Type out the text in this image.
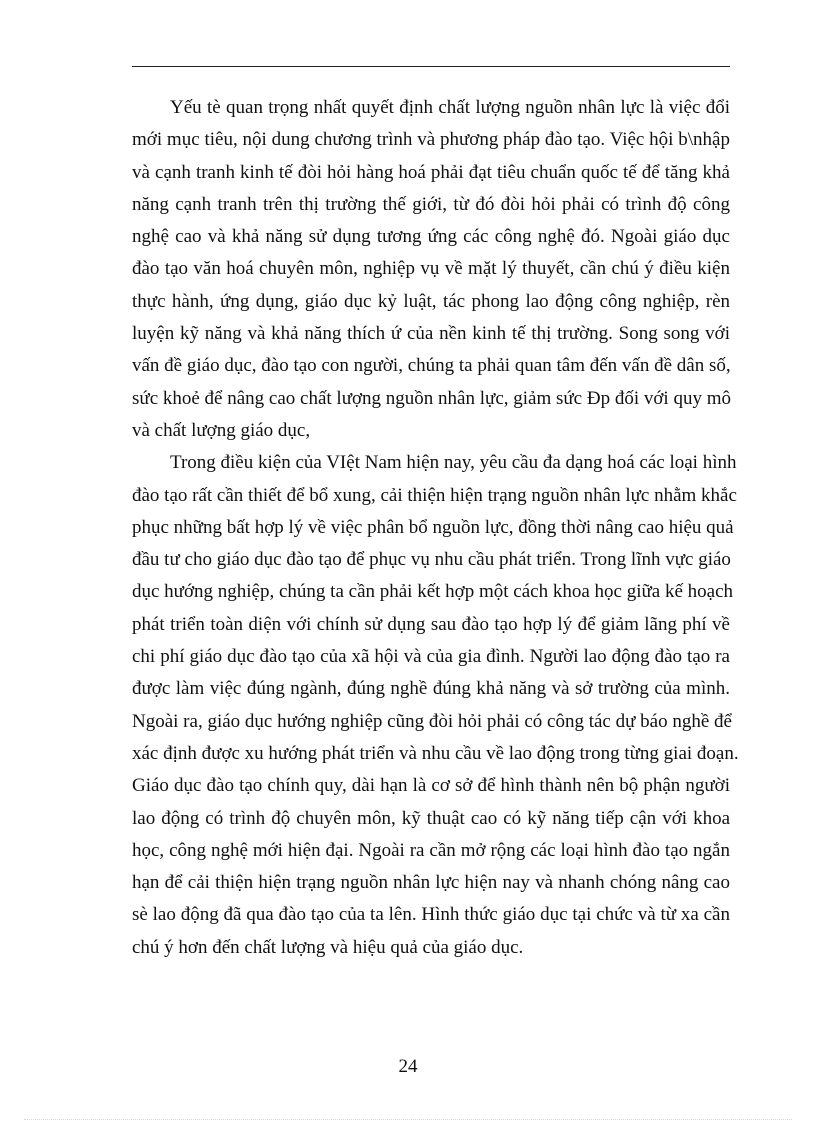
Yếu tè quan trọng nhất quyết định chất lượng nguồn nhân lực là việc đổi
mới mục tiêu, nội dung chương trình và phương pháp đào tạo. Việc hội b\nhập
và cạnh tranh kinh tế đòi hỏi hàng hoá phải đạt tiêu chuẩn quốc tế để tăng khả
năng cạnh tranh trên thị trường thế giới, từ đó đòi hỏi phải có trình độ công
nghệ cao và khả năng sử dụng tương ứng các công nghệ đó. Ngoài giáo dục
đào tạo văn hoá chuyên môn, nghiệp vụ về mặt lý thuyết, cần chú ý điều kiện
thực hành, ứng dụng, giáo dục kỷ luật, tác phong lao động công nghiệp, rèn
luyện kỹ năng và khả năng thích ứ của nền kinh tế thị trường. Song song với
vấn đề giáo dục, đào tạo con người, chúng ta phải quan tâm đến vấn đề dân số,
sức khoẻ để nâng cao chất lượng nguồn nhân lực, giảm sức Đp đối với quy mô
và chất lượng giáo dục,
Trong điều kiện của VIệt Nam hiện nay, yêu cầu đa dạng hoá các loại hình
đào tạo rất cần thiết để bổ xung, cải thiện hiện trạng nguồn nhân lực nhằm khắc
phục những bất hợp lý về việc phân bổ nguồn lực, đồng thời nâng cao hiệu quả
đầu tư cho giáo dục đào tạo để phục vụ nhu cầu phát triển. Trong lĩnh vực giáo
dục hướng nghiệp, chúng ta cần phải kết hợp một cách khoa học giữa kế hoạch
phát triển toàn diện với chính sử dụng sau đào tạo hợp lý để giảm lãng phí về
chi phí giáo dục đào tạo của xã hội và của gia đình. Người lao động đào tạo ra
được làm việc đúng ngành, đúng nghề đúng khả năng và sở trường của mình.
Ngoài ra, giáo dục hướng nghiệp cũng đòi hỏi phải có công tác dự báo nghề để
xác định được xu hướng phát triển và nhu cầu về lao động trong từng giai đoạn.
Giáo dục đào tạo chính quy, dài hạn là cơ sở để hình thành nên bộ phận người
lao động có trình độ chuyên môn, kỹ thuật cao có kỹ năng tiếp cận với khoa
học, công nghệ mới hiện đại. Ngoài ra cần mở rộng các loại hình đào tạo ngắn
hạn để cải thiện hiện trạng nguồn nhân lực hiện nay và nhanh chóng nâng cao
sè lao động đã qua đào tạo của ta lên. Hình thức giáo dục tại chức và từ xa cần
chú ý hơn đến chất lượng và hiệu quả của giáo dục.
24
